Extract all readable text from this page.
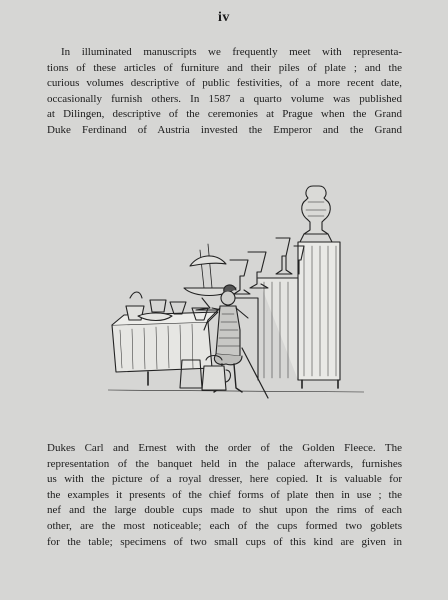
iv
In illuminated manuscripts we frequently meet with representa-
tions of these articles of furniture and their piles of plate ; and the
curious volumes descriptive of public festivities, of a more recent date,
occasionally furnish others. In 1587 a quarto volume was published
at Dilingen, descriptive of the ceremonies at Prague when the Grand
Duke Ferdinand of Austria invested the Emperor and the Grand
Dukes Carl and Ernest with the order of the Golden Fleece. The
representation of the banquet held in the palace afterwards, furnishes
us with the picture of a royal dresser, here copied. It is valuable for
the examples it presents of the chief forms of plate then in use ; the
nef and the large double cups made to shut upon the rims of each
other, are the most noticeable; each of the cups formed two goblets
for the table; specimens of two small cups of this kind are given in
